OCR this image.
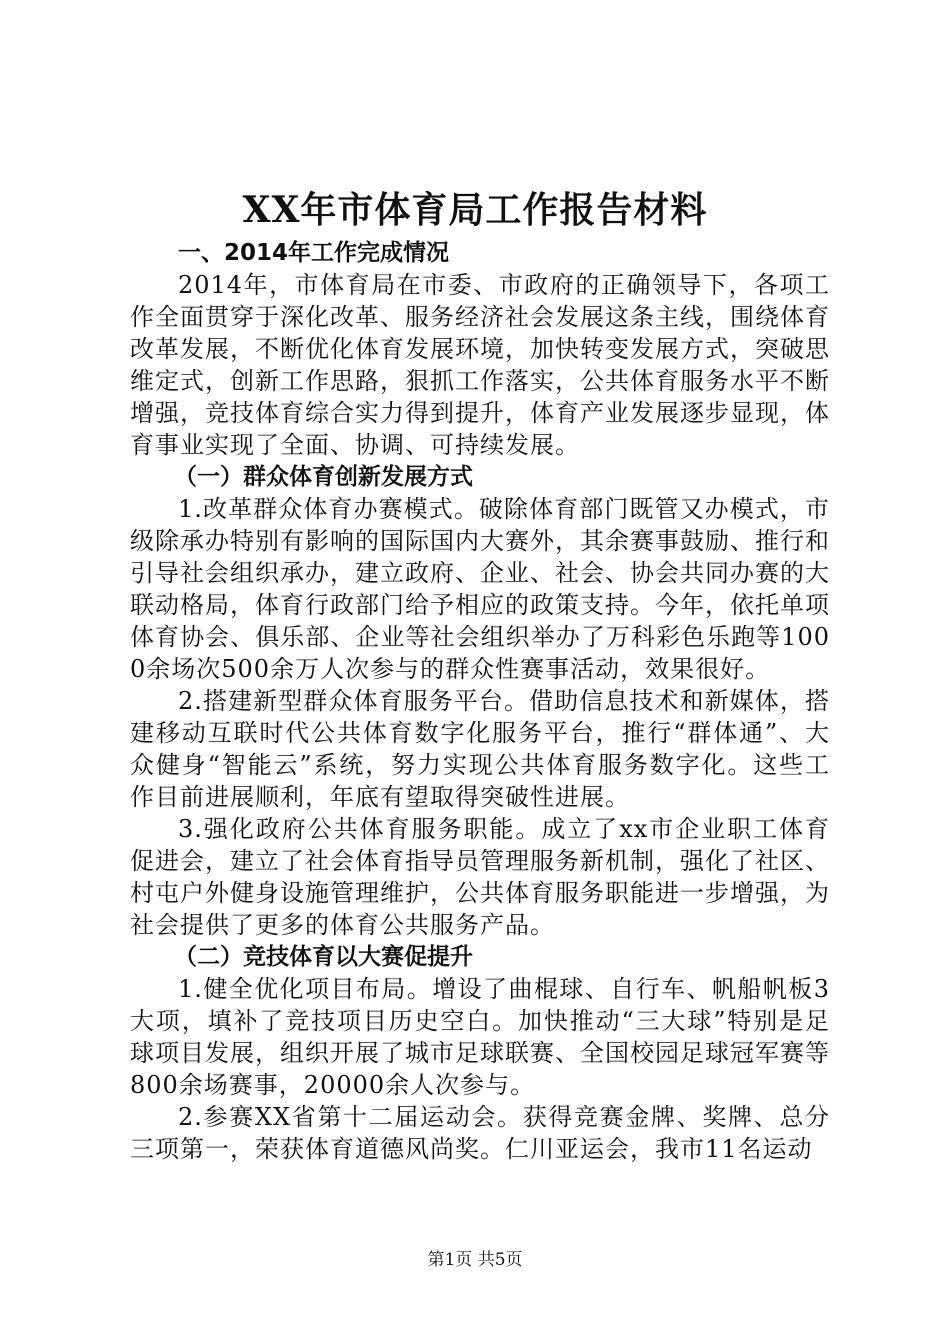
XX年市体育局工作报告材料
一、2014年工作完成情况
2014年，市体育局在市委、市政府的正确领导下，各项工作全面贯穿于深化改革、服务经济社会发展这条主线，围绕体育改革发展，不断优化体育发展环境，加快转变发展方式，突破思维定式，创新工作思路，狠抓工作落实，公共体育服务水平不断增强，竞技体育综合实力得到提升，体育产业发展逐步显现，体育事业实现了全面、协调、可持续发展。
（一）群众体育创新发展方式
1.改革群众体育办赛模式。破除体育部门既管又办模式，市级除承办特别有影响的国际国内大赛外，其余赛事鼓励、推行和引导社会组织承办，建立政府、企业、社会、协会共同办赛的大联动格局，体育行政部门给予相应的政策支持。今年，依托单项体育协会、俱乐部、企业等社会组织举办了万科彩色乐跑等1000余场次500余万人次参与的群众性赛事活动，效果很好。
2.搭建新型群众体育服务平台。借助信息技术和新媒体，搭建移动互联时代公共体育数字化服务平台，推行“群体通”、大众健身“智能云”系统，努力实现公共体育服务数字化。这些工作目前进展顺利，年底有望取得突破性进展。
3.强化政府公共体育服务职能。成立了xx市企业职工体育促进会，建立了社会体育指导员管理服务新机制，强化了社区、村屯户外健身设施管理维护，公共体育服务职能进一步增强，为社会提供了更多的体育公共服务产品。
（二）竞技体育以大赛促提升
1.健全优化项目布局。增设了曲棍球、自行车、帆船帆板3大项，填补了竞技项目历史空白。加快推动“三大球”特别是足球项目发展，组织开展了城市足球联赛、全国校园足球冠军赛等800余场赛事，20000余人次参与。
2.参赛XX省第十二届运动会。获得竞赛金牌、奖牌、总分三项第一，荣获体育道德风尚奖。仁川亚运会，我市11名运动
第1页 共5页
